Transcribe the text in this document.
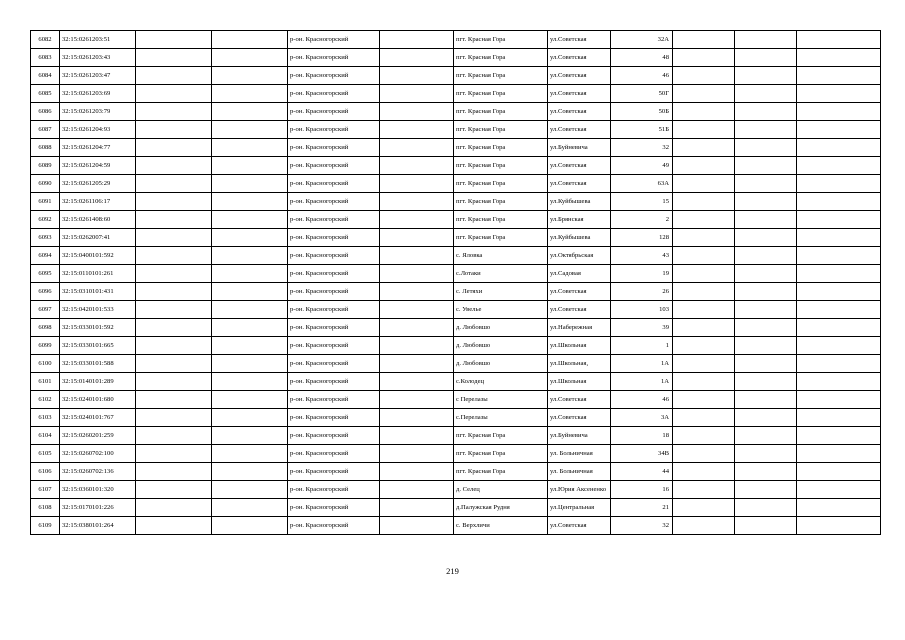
6082	32:15:0261203:51			р-он. Красногорский		пгт. Красная Гора	ул.Советская	32А			
6083	32:15:0261203:43			р-он. Красногорский		пгт. Красная Гора	ул.Советская	48			
6084	32:15:0261203:47			р-он. Красногорский		пгт. Красная Гора	ул.Советская	46			
6085	32:15:0261203:69			р-он. Красногорский		пгт. Красная Гора	ул.Советская	50Г			
6086	32:15:0261203:79			р-он. Красногорский		пгт. Красная Гора	ул.Советская	50Б			
6087	32:15:0261204:93			р-он. Красногорский		пгт. Красная Гора	ул.Советская	51Б			
6088	32:15:0261204:77			р-он. Красногорский		пгт. Красная Гора	ул.Буйневича	32			
6089	32:15:0261204:59			р-он. Красногорский		пгт. Красная Гора	ул.Советская	49			
6090	32:15:0261205:29			р-он. Красногорский		пгт. Красная Гора	ул.Советская	63А			
6091	32:15:0261106:17			р-он. Красногорский		пгт. Красная Гора	ул.Куйбышева	15			
6092	32:15:0261408:60			р-он. Красногорский		пгт. Красная Гора	ул.Брянская	2			
6093	32:15:0262007:41			р-он. Красногорский		пгт. Красная Гора	ул.Куйбышева	128			
6094	32:15:0400101:592			р-он. Красногорский		с. Яловка	ул.Октябрьская	43			
6095	32:15:0110101:261			р-он. Красногорский		с.Лотаки	ул.Садовая	19			
6096	32:15:0310101:431			р-он. Красногорский		с. Летяхи	ул.Советская	26			
6097	32:15:0420101:533			р-он. Красногорский		с. Увелье	ул.Советская	103			
6098	32:15:0330101:592			р-он. Красногорский		д. Любовшо	ул.Набережная	39			
6099	32:15:0330101:665			р-он. Красногорский		д. Любовшо	ул.Школьная	1			
6100	32:15:0330101:588			р-он. Красногорский		д. Любовшо	ул.Школьная,	1А			
6101	32:15:0140101:289			р-он. Красногорский		с.Колодец	ул.Школьная	1А			
6102	32:15:0240101:680			р-он. Красногорский		с Перелазы	ул.Советская	46			
6103	32:15:0240101:767			р-он. Красногорский		с.Перелазы	ул.Советская	3А			
6104	32:15:0260201:259			р-он. Красногорский		пгт. Красная Гора	ул.Буйневича	18			
6105	32:15:0260702:100			р-он. Красногорский		пгт. Красная Гора	ул. Больничная	34В			
6106	32:15:0260702:136			р-он. Красногорский		пгт. Красная Гора	ул. Больничная	44			
6107	32:15:0360101:320			р-он. Красногорский		д. Селец	ул.Юрия Аксененко	16			
6108	32:15:0170101:226			р-он. Красногорский		д.Палужская Рудня	ул.Центральная	21			
6109	32:15:0380101:264			р-он. Красногорский		с. Верхличи	ул.Советская	32			
219
